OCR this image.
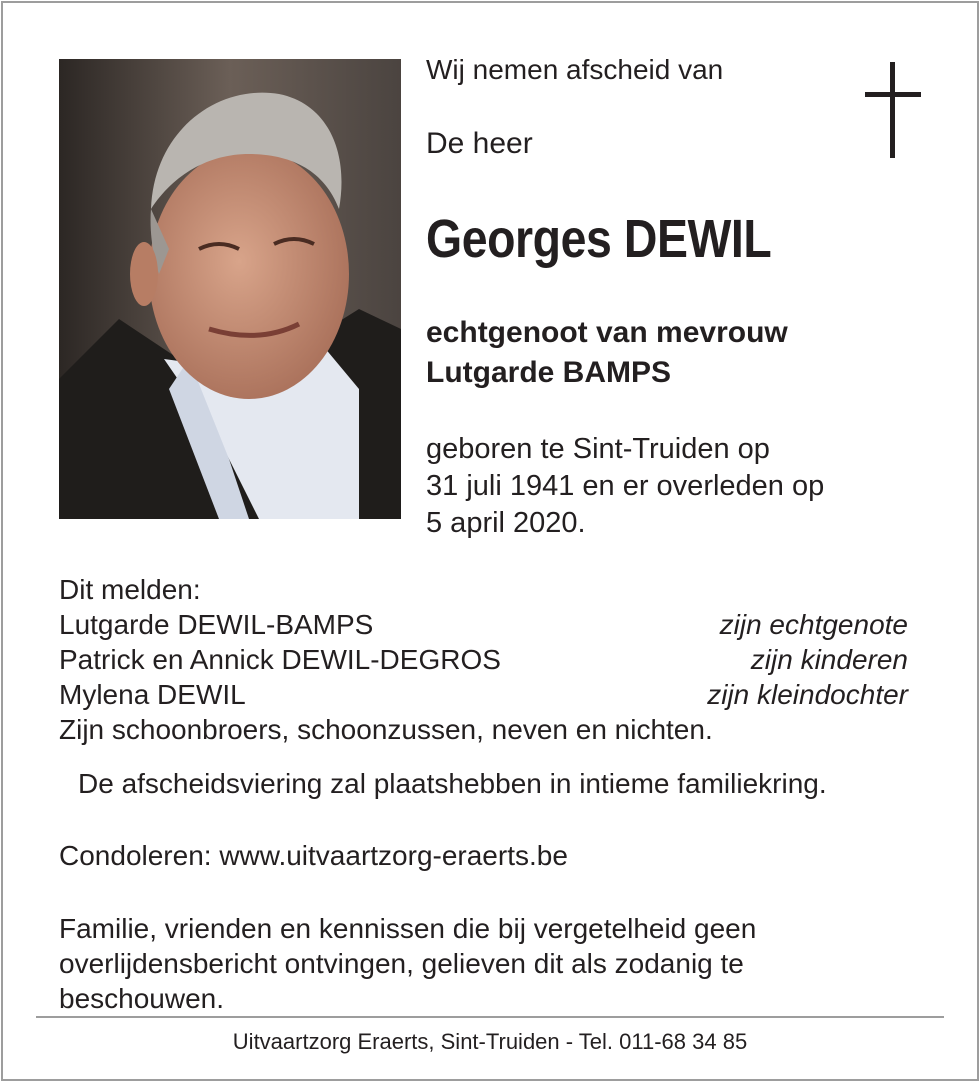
Wij nemen afscheid van
De heer
Georges DEWIL
echtgenoot van mevrouw
Lutgarde BAMPS
geboren te Sint-Truiden op
31 juli 1941 en er overleden op
5 april 2020.
Dit melden:
Lutgarde DEWIL-BAMPS	zijn echtgenote
Patrick en Annick DEWIL-DEGROS	zijn kinderen
Mylena DEWIL	zijn kleindochter
Zijn schoonbroers, schoonzussen, neven en nichten.
De afscheidsviering zal plaatshebben in intieme familiekring.
Condoleren: www.uitvaartzorg-eraerts.be
Familie, vrienden en kennissen die bij vergetelheid geen overlijdensbericht ontvingen, gelieven dit als zodanig te beschouwen.
Uitvaartzorg Eraerts, Sint-Truiden - Tel. 011-68 34 85
